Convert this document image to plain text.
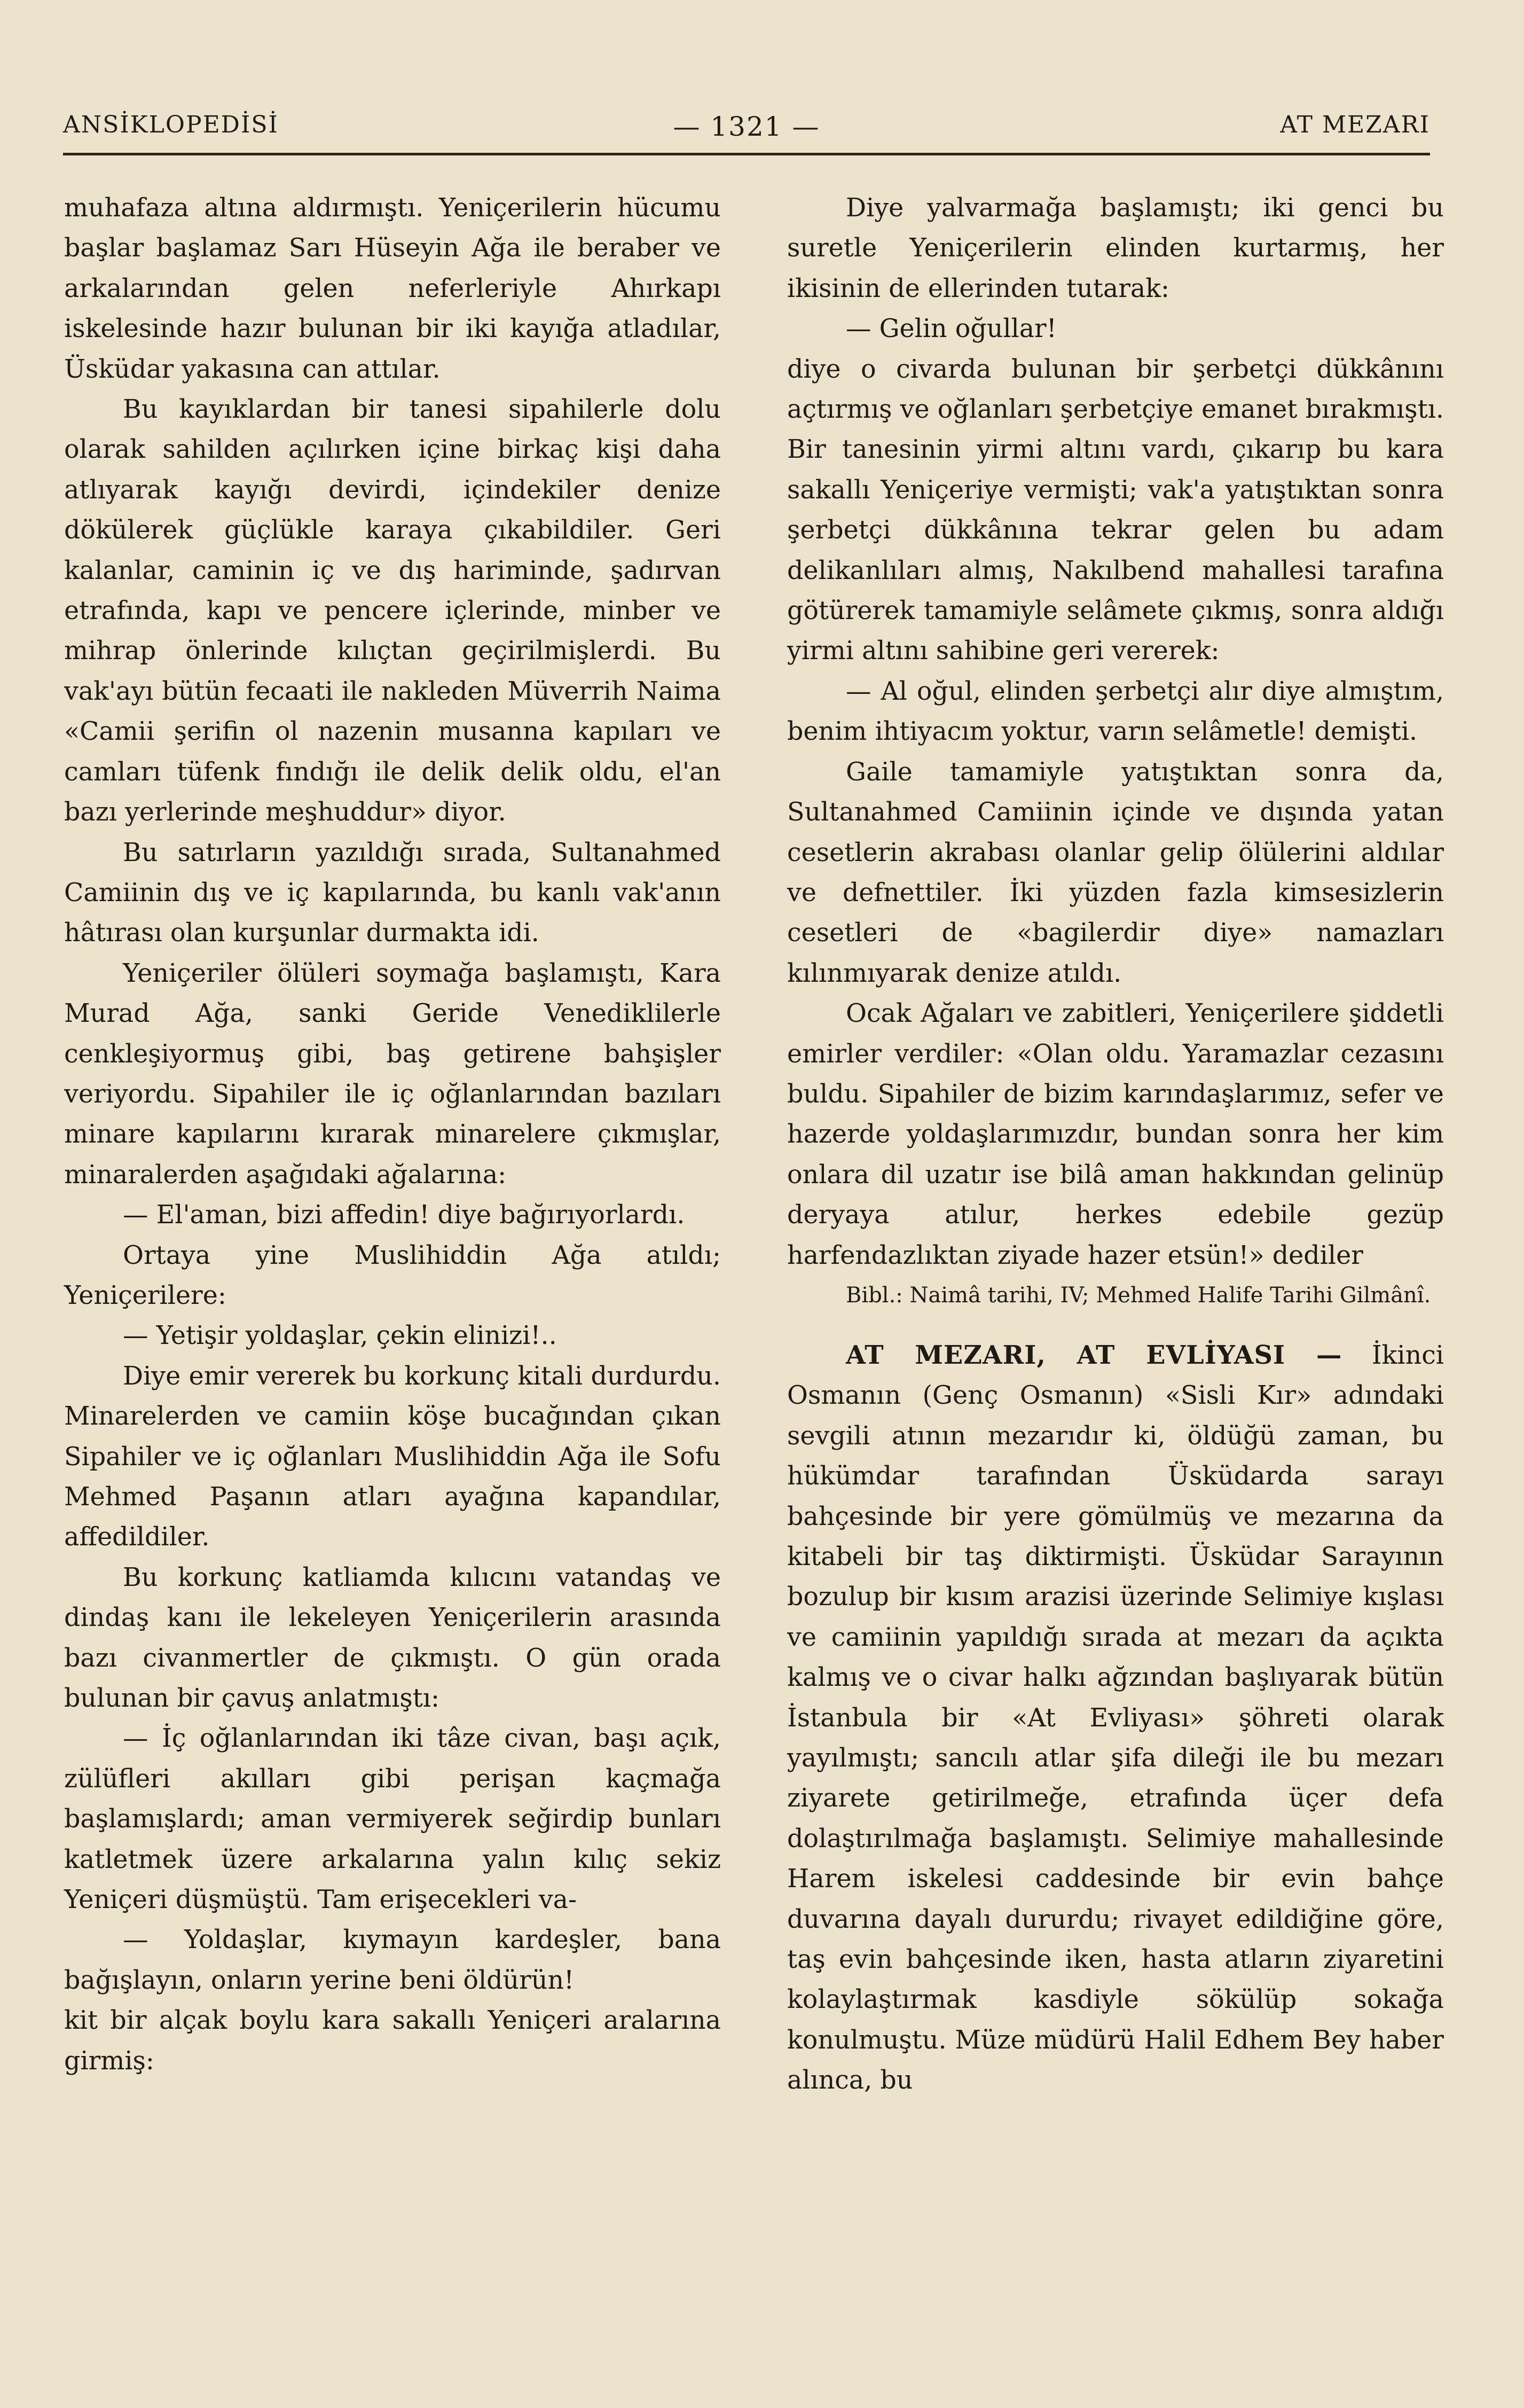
ANSİKLOPEDİSİ	— 1321 —	AT MEZARI

muhafaza altına aldırmıştı. Yeniçerilerin hücumu başlar başlamaz Sarı Hüseyin Ağa ile beraber ve arkalarından gelen neferleriyle Ahırkapı iskelesinde hazır bulunan bir iki kayığa atladılar, Üsküdar yakasına can attılar.

Bu kayıklardan bir tanesi sipahilerle dolu olarak sahilden açılırken içine birkaç kişi daha atlıyarak kayığı devirdi, içindekiler denize dökülerek güçlükle karaya çıkabildiler. Geri kalanlar, caminin iç ve dış hariminde, şadırvan etrafında, kapı ve pencere içlerinde, minber ve mihrap önlerinde kılıçtan geçirilmişlerdi. Bu vak'ayı bütün fecaati ile nakleden Müverrih Naima «Camii şerifin ol nazenin musanna kapıları ve camları tüfenk fındığı ile delik delik oldu, el'an bazı yerlerinde meşhuddur» diyor.

Bu satırların yazıldığı sırada, Sultanahmed Camiinin dış ve iç kapılarında, bu kanlı vak'anın hâtırası olan kurşunlar durmakta idi.

Yeniçeriler ölüleri soymağa başlamıştı, Kara Murad Ağa, sanki Geride Venediklilerle cenkleşiyormuş gibi, baş getirene bahşişler veriyordu. Sipahiler ile iç oğlanlarından bazıları minare kapılarını kırarak minarelere çıkmışlar, minaralerden aşağıdaki ağalarına:

— El'aman, bizi affedin! diye bağırıyorlardı.

Ortaya yine Muslihiddin Ağa atıldı; Yeniçerilere:

— Yetişir yoldaşlar, çekin elinizi!..

Diye emir vererek bu korkunç kitali durdurdu. Minarelerden ve camiin köşe bucağından çıkan Sipahiler ve iç oğlanları Muslihiddin Ağa ile Sofu Mehmed Paşanın atları ayağına kapandılar, affedildiler.

Bu korkunç katliamda kılıcını vatandaş ve dindaş kanı ile lekeleyen Yeniçerilerin arasında bazı civanmertler de çıkmıştı. O gün orada bulunan bir çavuş anlatmıştı:

— İç oğlanlarından iki tâze civan, başı açık, zülüfleri akılları gibi perişan kaçmağa başlamışlardı; aman vermiyerek seğirdip bunları katletmek üzere arkalarına yalın kılıç sekiz Yeniçeri düşmüştü. Tam erişecekleri va-

— Yoldaşlar, kıymayın kardeşler, bana bağışlayın, onların yerine beni öldürün!

kit bir alçak boylu kara sakallı Yeniçeri aralarına girmiş:

Diye yalvarmağa başlamıştı; iki genci bu suretle Yeniçerilerin elinden kurtarmış, her ikisinin de ellerinden tutarak:

— Gelin oğullar!

diye o civarda bulunan bir şerbetçi dükkânını açtırmış ve oğlanları şerbetçiye emanet bırakmıştı. Bir tanesinin yirmi altını vardı, çıkarıp bu kara sakallı Yeniçeriye vermişti; vak'a yatıştıktan sonra şerbetçi dükkânına tekrar gelen bu adam delikanlıları almış, Nakılbend mahallesi tarafına götürerek tamamiyle selâmete çıkmış, sonra aldığı yirmi altını sahibine geri vererek:

— Al oğul, elinden şerbetçi alır diye almıştım, benim ihtiyacım yoktur, varın selâmetle! demişti.

Gaile tamamiyle yatıştıktan sonra da, Sultanahmed Camiinin içinde ve dışında yatan cesetlerin akrabası olanlar gelip ölülerini aldılar ve defnettiler. İki yüzden fazla kimsesizlerin cesetleri de «bagilerdir diye» namazları kılınmıyarak denize atıldı.

Ocak Ağaları ve zabitleri, Yeniçerilere şiddetli emirler verdiler: «Olan oldu. Yaramazlar cezasını buldu. Sipahiler de bizim karındaşlarımız, sefer ve hazerde yoldaşlarımızdır, bundan sonra her kim onlara dil uzatır ise bilâ aman hakkından gelinüp deryaya atılur, herkes edebile gezüp harfendazlıktan ziyade hazer etsün!» dediler

Bibl.: Naimâ tarihi, IV; Mehmed Halife Tarihi Gilmânî.

AT MEZARI, AT EVLİYASI — İkinci Osmanın (Genç Osmanın) «Sisli Kır» adındaki sevgili atının mezarıdır ki, öldüğü zaman, bu hükümdar tarafından Üsküdarda sarayı bahçesinde bir yere gömülmüş ve mezarına da kitabeli bir taş diktirmişti. Üsküdar Sarayının bozulup bir kısım arazisi üzerinde Selimiye kışlası ve camiinin yapıldığı sırada at mezarı da açıkta kalmış ve o civar halkı ağzından başlıyarak bütün İstanbula bir «At Evliyası» şöhreti olarak yayılmıştı; sancılı atlar şifa dileği ile bu mezarı ziyarete getirilmeğe, etrafında üçer defa dolaştırılmağa başlamıştı. Selimiye mahallesinde Harem iskelesi caddesinde bir evin bahçe duvarına dayalı dururdu; rivayet edildiğine göre, taş evin bahçesinde iken, hasta atların ziyaretini kolaylaştırmak kasdiyle sökülüp sokağa konulmuştu. Müze müdürü Halil Edhem Bey haber alınca, bu
